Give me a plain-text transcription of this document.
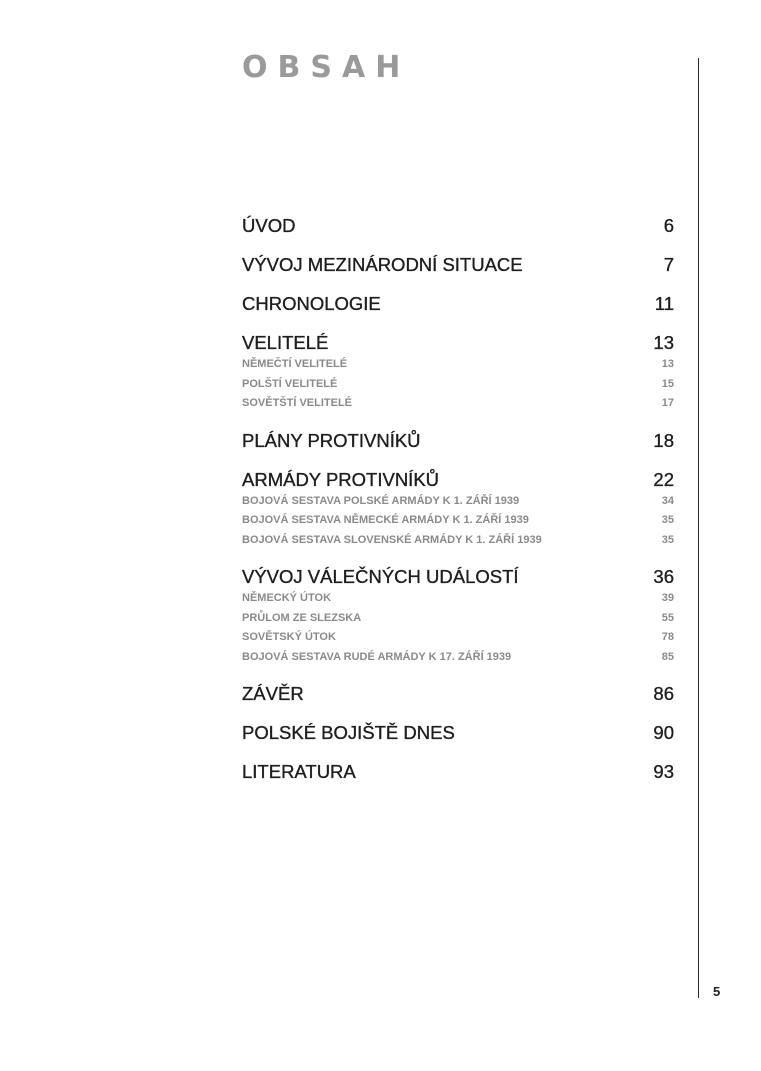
OBSAH
5
ÚVOD	6
VÝVOJ MEZINÁRODNÍ SITUACE	7
CHRONOLOGIE	11
VELITELÉ	13
NĚMEČTÍ VELITELÉ	13
POLŠTÍ VELITELÉ	15
SOVĚTŠTÍ VELITELÉ	17
PLÁNY PROTIVNÍKŮ	18
ARMÁDY PROTIVNÍKŮ	22
BOJOVÁ SESTAVA POLSKÉ ARMÁDY K 1. ZÁŘÍ 1939	34
BOJOVÁ SESTAVA NĚMECKÉ ARMÁDY K 1. ZÁŘÍ 1939	35
BOJOVÁ SESTAVA SLOVENSKÉ ARMÁDY K 1. ZÁŘÍ 1939	35
VÝVOJ VÁLEČNÝCH UDÁLOSTÍ	36
NĚMECKÝ ÚTOK	39
PRŮLOM ZE SLEZSKA	55
SOVĚTSKÝ ÚTOK	78
BOJOVÁ SESTAVA RUDÉ ARMÁDY K 17. ZÁŘÍ 1939	85
ZÁVĚR	86
POLSKÉ BOJIŠTĚ DNES	90
LITERATURA	93
